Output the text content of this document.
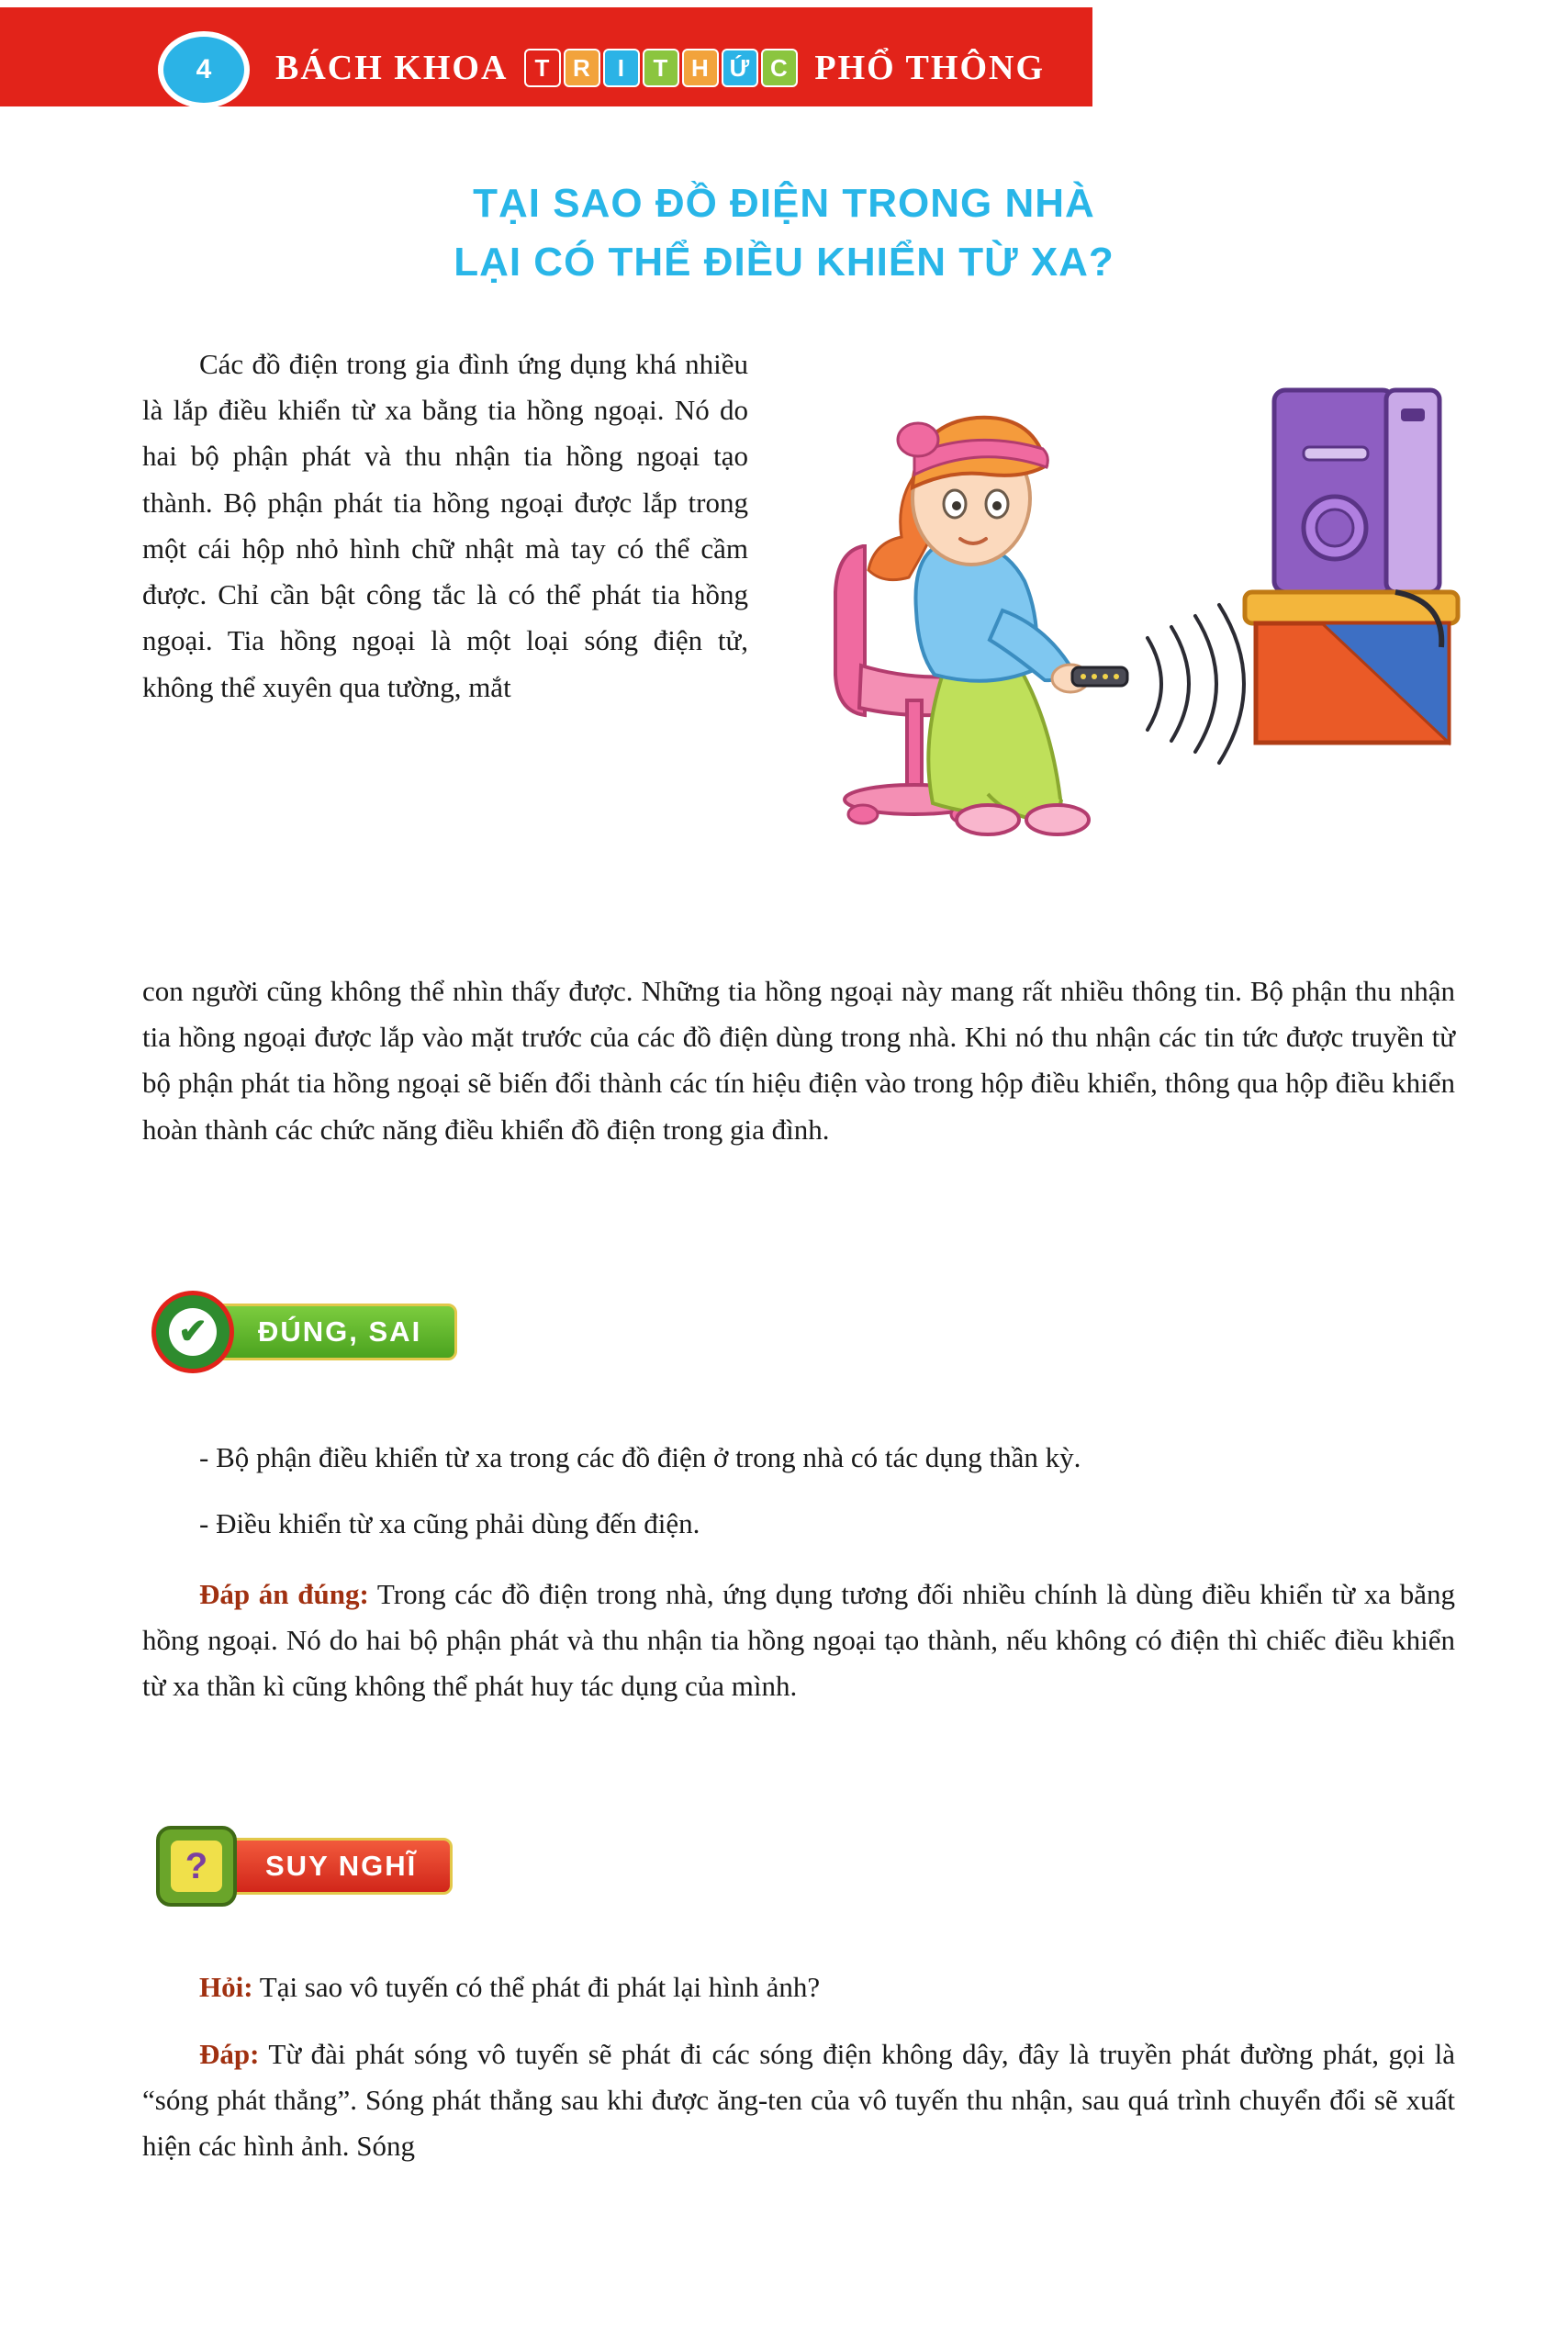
4	BÁCH KHOA	T R	I	T H Ứ C PHỔ THÔNG
TẠI SAO ĐỒ ĐIỆN TRONG NHÀ
LẠI CÓ THỂ ĐIỀU KHIỂN TỪ XA?

Các đồ điện trong gia đình ứng dụng khá nhiều là lắp điều khiển từ xa bằng tia hồng ngoại. Nó do hai bộ phận phát và thu nhận tia hồng ngoại tạo thành. Bộ phận phát tia hồng ngoại được lắp trong một cái hộp nhỏ hình chữ nhật mà tay có thể cầm được. Chỉ cần bật công tắc là có thể phát tia hồng ngoại. Tia hồng ngoại là một loại sóng điện tử, không thể xuyên qua tường, mắt

con người cũng không thể nhìn thấy được. Những tia hồng ngoại này mang rất nhiều thông tin. Bộ phận thu nhận tia hồng ngoại được lắp vào mặt trước của các đồ điện dùng trong nhà. Khi nó thu nhận các tin tức được truyền từ bộ phận phát tia hồng ngoại sẽ biến đổi thành các tín hiệu điện vào trong hộp điều khiển, thông qua hộp điều khiển hoàn thành các chức năng điều khiển đồ điện trong gia đình.

✔	ĐÚNG, SAI

- Bộ phận điều khiển từ xa trong các đồ điện ở trong nhà có tác dụng thần kỳ.

- Điều khiển từ xa cũng phải dùng đến điện.

Đáp án đúng: Trong các đồ điện trong nhà, ứng dụng tương đối nhiều chính là dùng điều khiển từ xa bằng hồng ngoại. Nó do hai bộ phận phát và thu nhận tia hồng ngoại tạo thành, nếu không có điện thì chiếc điều khiển từ xa thần kì cũng không thể phát huy tác dụng của mình.

?	SUY NGHĨ

Hỏi: Tại sao vô tuyến có thể phát đi phát lại hình ảnh?

Đáp: Từ đài phát sóng vô tuyến sẽ phát đi các sóng điện không dây, đây là truyền phát đường phát, gọi là “sóng phát thẳng”. Sóng phát thẳng sau khi được ăng-ten của vô tuyến thu nhận, sau quá trình chuyển đổi sẽ xuất hiện các hình ảnh. Sóng
